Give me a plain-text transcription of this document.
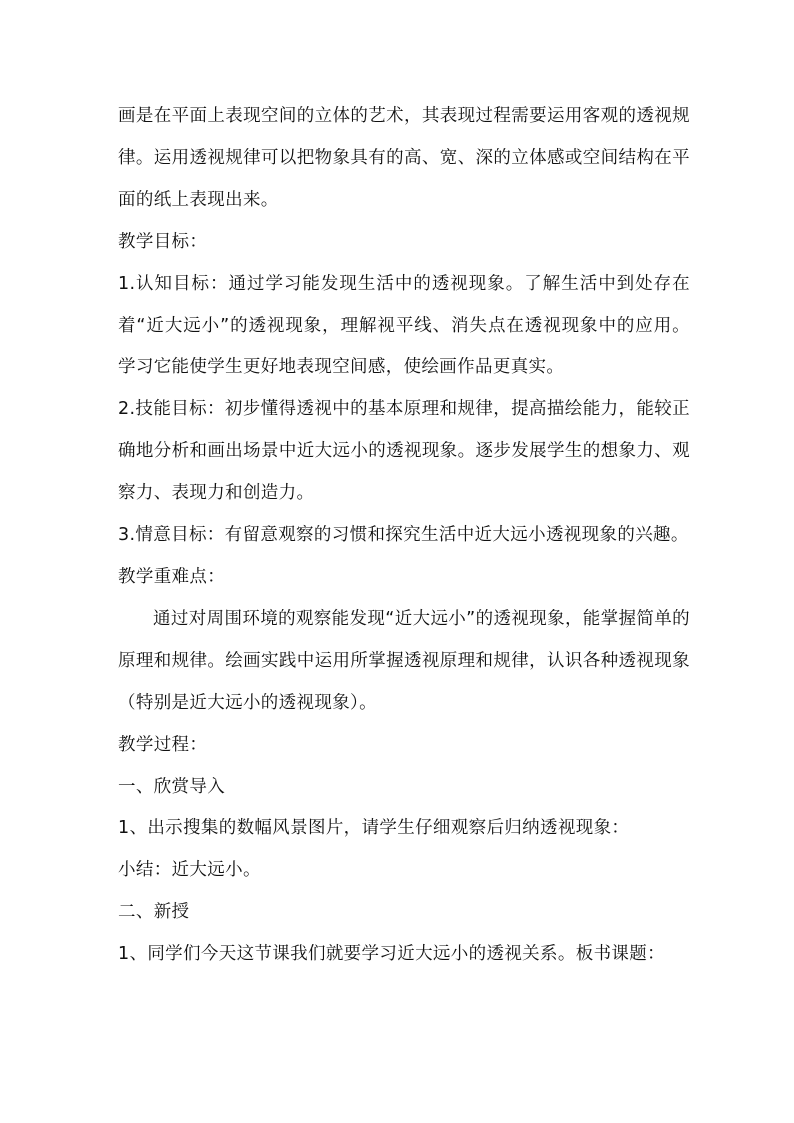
画是在平面上表现空间的立体的艺术，其表现过程需要运用客观的透视规律。运用透视规律可以把物象具有的高、宽、深的立体感或空间结构在平面的纸上表现出来。

教学目标：

1.认知目标：通过学习能发现生活中的透视现象。了解生活中到处存在着“近大远小”的透视现象，理解视平线、消失点在透视现象中的应用。学习它能使学生更好地表现空间感，使绘画作品更真实。

2.技能目标：初步懂得透视中的基本原理和规律，提高描绘能力，能较正确地分析和画出场景中近大远小的透视现象。逐步发展学生的想象力、观察力、表现力和创造力。

3.情意目标：有留意观察的习惯和探究生活中近大远小透视现象的兴趣。

教学重难点：

通过对周围环境的观察能发现“近大远小”的透视现象，能掌握简单的原理和规律。绘画实践中运用所掌握透视原理和规律，认识各种透视现象（特别是近大远小的透视现象）。

教学过程：

一、欣赏导入

1、出示搜集的数幅风景图片，请学生仔细观察后归纳透视现象：

小结：近大远小。

二、新授

1、同学们今天这节课我们就要学习近大远小的透视关系。板书课题：
